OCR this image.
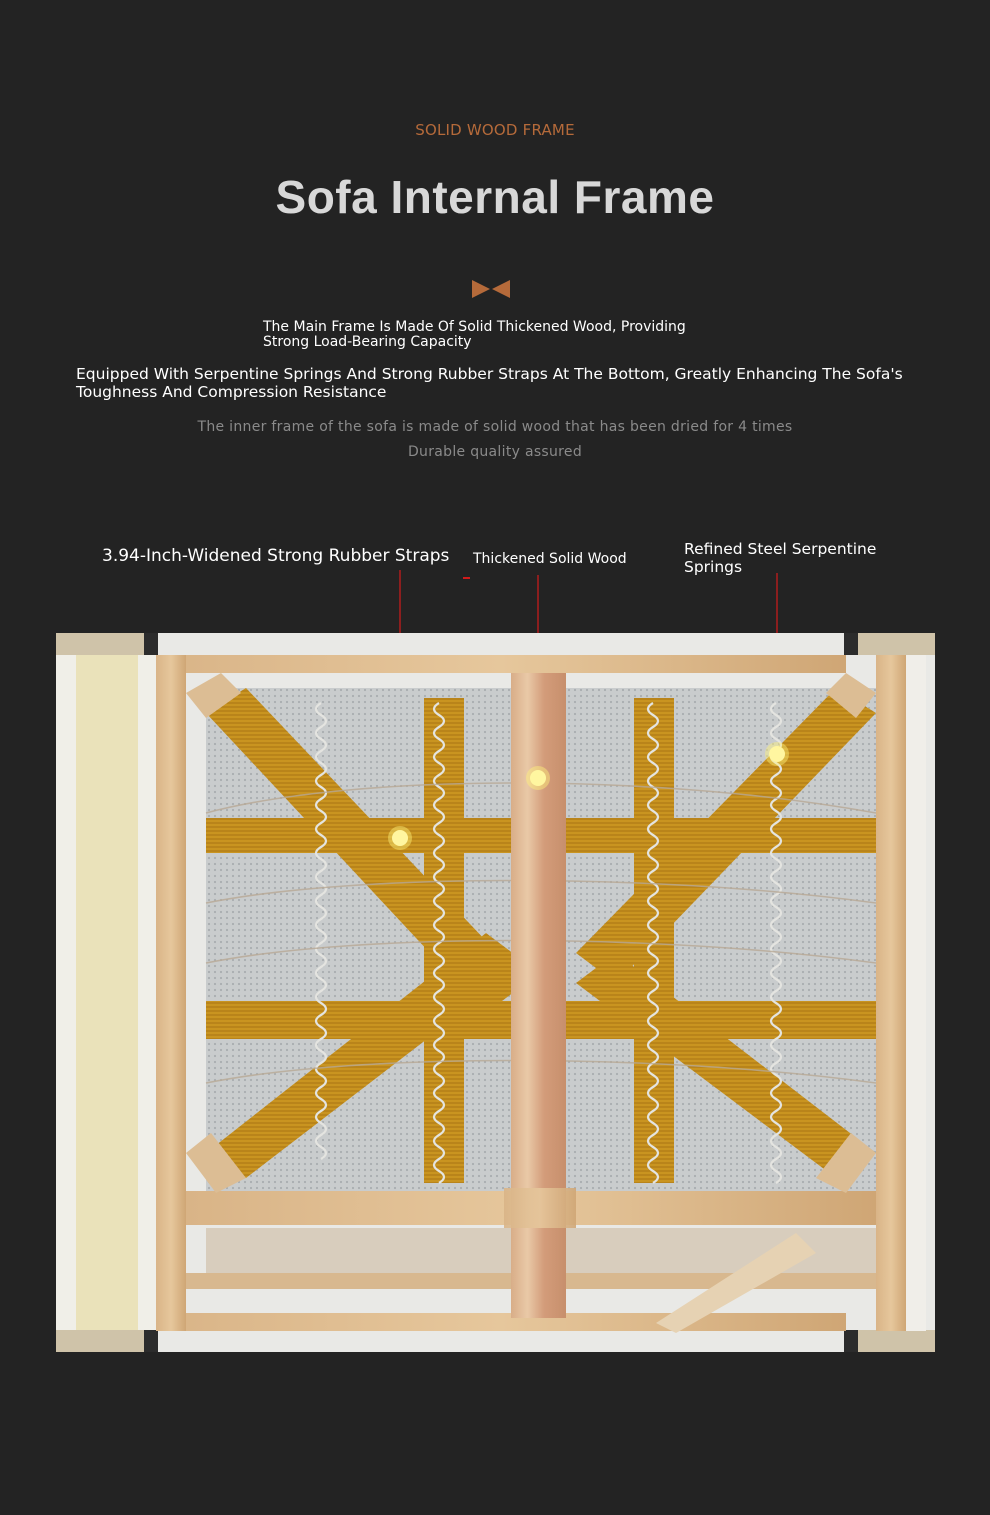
SOLID WOOD FRAME
Sofa Internal Frame
The Main Frame Is Made Of Solid Thickened Wood, Providing Strong Load-Bearing Capacity
Equipped With Serpentine Springs And Strong Rubber Straps At The Bottom, Greatly Enhancing The Sofa's Toughness And Compression Resistance
The inner frame of the sofa is made of solid wood that has been dried for 4 times
Durable quality assured
3.94-Inch-Widened Strong Rubber Straps Thickened Solid Wood
Refined Steel Serpentine Springs
